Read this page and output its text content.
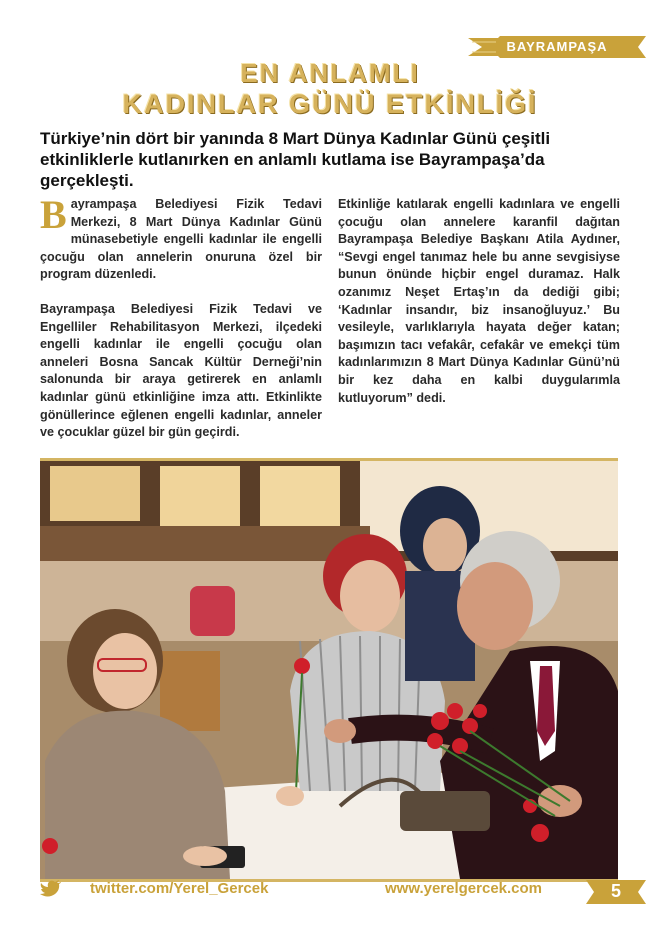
BAYRAMPAŞA
EN ANLAMLI
KADINLAR GÜNÜ ETKİNLİĞİ
Türkiye’nin dört bir yanında 8 Mart Dünya Kadınlar Günü çeşitli etkinliklerle kutlanırken en anlamlı kutlama ise Bayrampaşa’da gerçekleşti.

Bayrampaşa Belediyesi Fizik Tedavi Merkezi, 8 Mart Dünya Kadınlar Günü münasebetiyle engelli kadınlar ile engelli çocuğu olan annelerin onuruna özel bir program düzenledi.

Bayrampaşa Belediyesi Fizik Tedavi ve Engelliler Rehabilitasyon Merkezi, ilçedeki engelli kadınlar ile engelli çocuğu olan anneleri Bosna Sancak Kültür Derneği’nin salonunda bir araya getirerek en anlamlı kadınlar günü etkinliğine imza attı. Etkinlikte gönüllerince eğlenen engelli kadınlar, anneler ve çocuklar güzel bir gün geçirdi.

Etkinliğe katılarak engelli kadınlara ve engelli çocuğu olan annelere karanfil dağıtan Bayrampaşa Belediye Başkanı Atila Aydıner, “Sevgi engel tanımaz hele bu anne sevgisiyse bunun önünde hiçbir engel duramaz. Halk ozanımız Neşet Ertaş’ın da dediği gibi; ‘Kadınlar insandır, biz insanoğluyuz.’ Bu vesileyle, varlıklarıyla hayata değer katan; başımızın tacı vefakâr, cefakâr ve emekçi tüm kadınlarımızın 8 Mart Dünya Kadınlar Günü’nü bir kez daha en kalbi duygularımla kutluyorum” dedi.

twitter.com/Yerel_Gercek	www.yerelgercek.com	5
